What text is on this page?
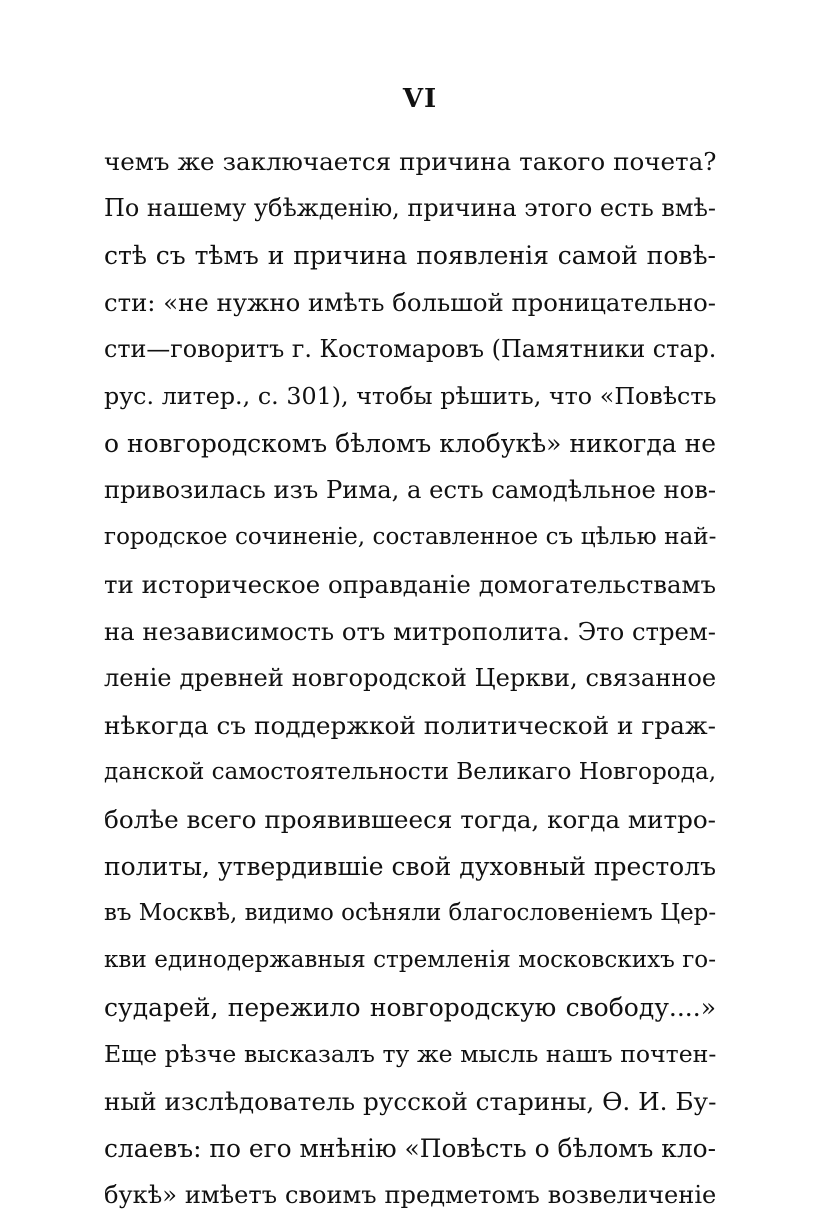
VI
чемъ же заключается причина такого почета?
По нашему убѣжденію, причина этого есть вмѣ-
стѣ съ тѣмъ и причина появленія самой повѣ-
сти: «не нужно имѣть большой проницательно-
сти—говоритъ г. Костомаровъ (Памятники стар.
рус. литер., с. 301), чтобы рѣшить, что «Повѣсть
о новгородскомъ бѣломъ клобукѣ» никогда не
привозилась изъ Рима, а есть самодѣльное нов-
городское сочиненіе, составленное съ цѣлью най-
ти историческое оправданіе домогательствамъ
на независимость отъ митрополита. Это стрем-
леніе древней новгородской Церкви, связанное
нѣкогда съ поддержкой политической и граж-
данской самостоятельности Великаго Новгорода,
болѣе всего проявившееся тогда, когда митро-
политы, утвердившіе свой духовный престолъ
въ Москвѣ, видимо осѣняли благословеніемъ Цер-
кви единодержавныя стремленія московскихъ го-
сударей, пережило новгородскую свободу....»
Еще рѣзче высказалъ ту же мысль нашъ почтен-
ный изслѣдователь русской старины, Ѳ. И. Бу-
слаевъ: по его мнѣнію «Повѣсть о бѣломъ кло-
букѣ» имѣетъ своимъ предметомъ возвеличеніе
